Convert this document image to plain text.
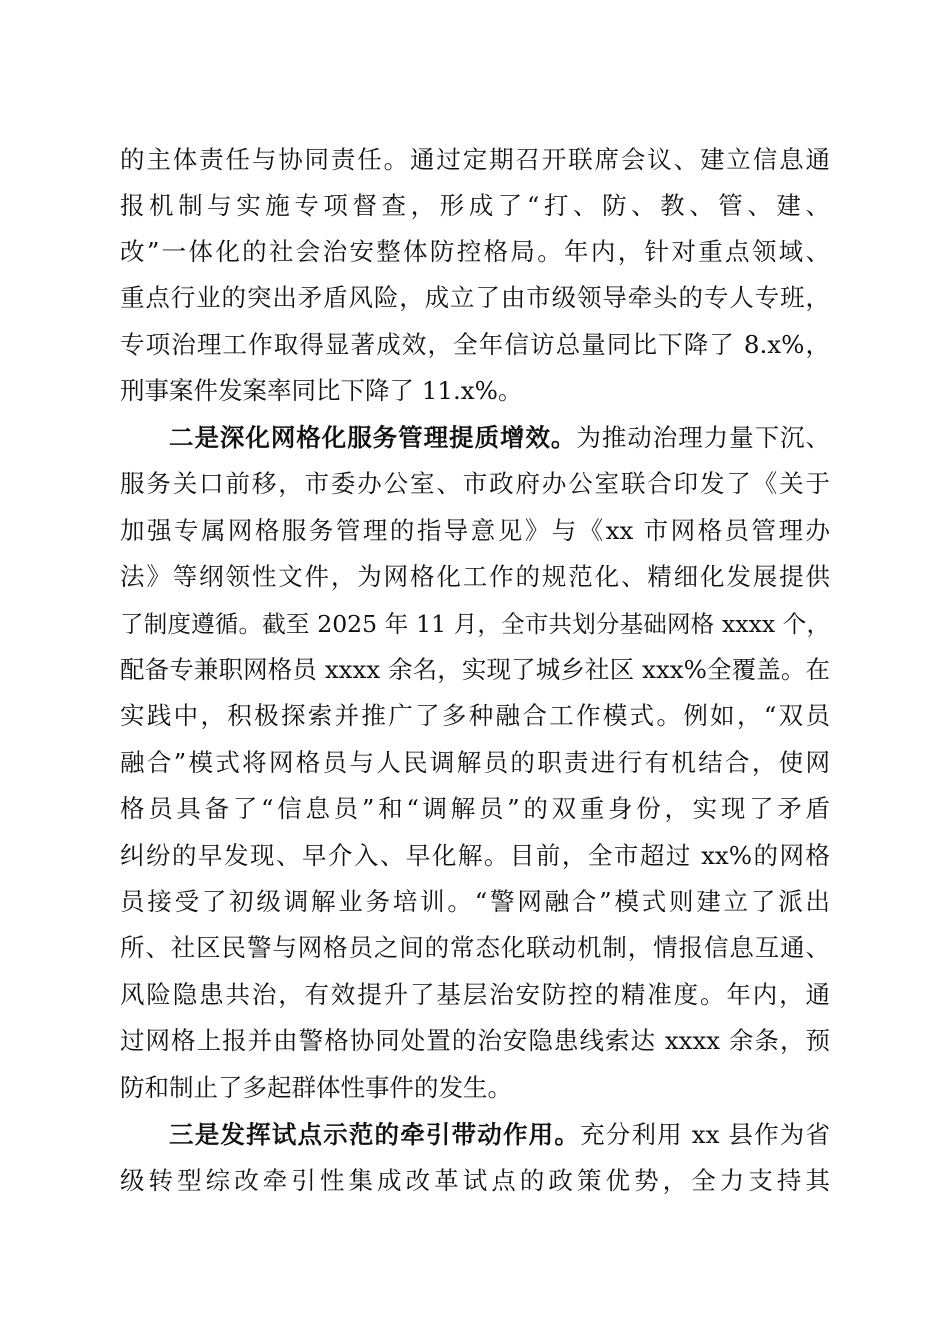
的主体责任与协同责任。通过定期召开联席会议、建立信息通
报机制与实施专项督查，形成了“打、防、教、管、建、
改”一体化的社会治安整体防控格局。年内，针对重点领域、
重点行业的突出矛盾风险，成立了由市级领导牵头的专人专班，
专项治理工作取得显著成效，全年信访总量同比下降了 8.x%，
刑事案件发案率同比下降了 11.x%。
二是深化网格化服务管理提质增效。为推动治理力量下沉、
服务关口前移，市委办公室、市政府办公室联合印发了《关于
加强专属网格服务管理的指导意见》与《xx 市网格员管理办
法》等纲领性文件，为网格化工作的规范化、精细化发展提供
了制度遵循。截至 2025 年 11 月，全市共划分基础网格 xxxx 个，
配备专兼职网格员 xxxx 余名，实现了城乡社区 xxx%全覆盖。在
实践中，积极探索并推广了多种融合工作模式。例如，“双员
融合”模式将网格员与人民调解员的职责进行有机结合，使网
格员具备了“信息员”和“调解员”的双重身份，实现了矛盾
纠纷的早发现、早介入、早化解。目前，全市超过 xx%的网格
员接受了初级调解业务培训。“警网融合”模式则建立了派出
所、社区民警与网格员之间的常态化联动机制，情报信息互通、
风险隐患共治，有效提升了基层治安防控的精准度。年内，通
过网格上报并由警格协同处置的治安隐患线索达 xxxx 余条，预
防和制止了多起群体性事件的发生。
三是发挥试点示范的牵引带动作用。充分利用 xx 县作为省
级转型综改牵引性集成改革试点的政策优势，全力支持其
